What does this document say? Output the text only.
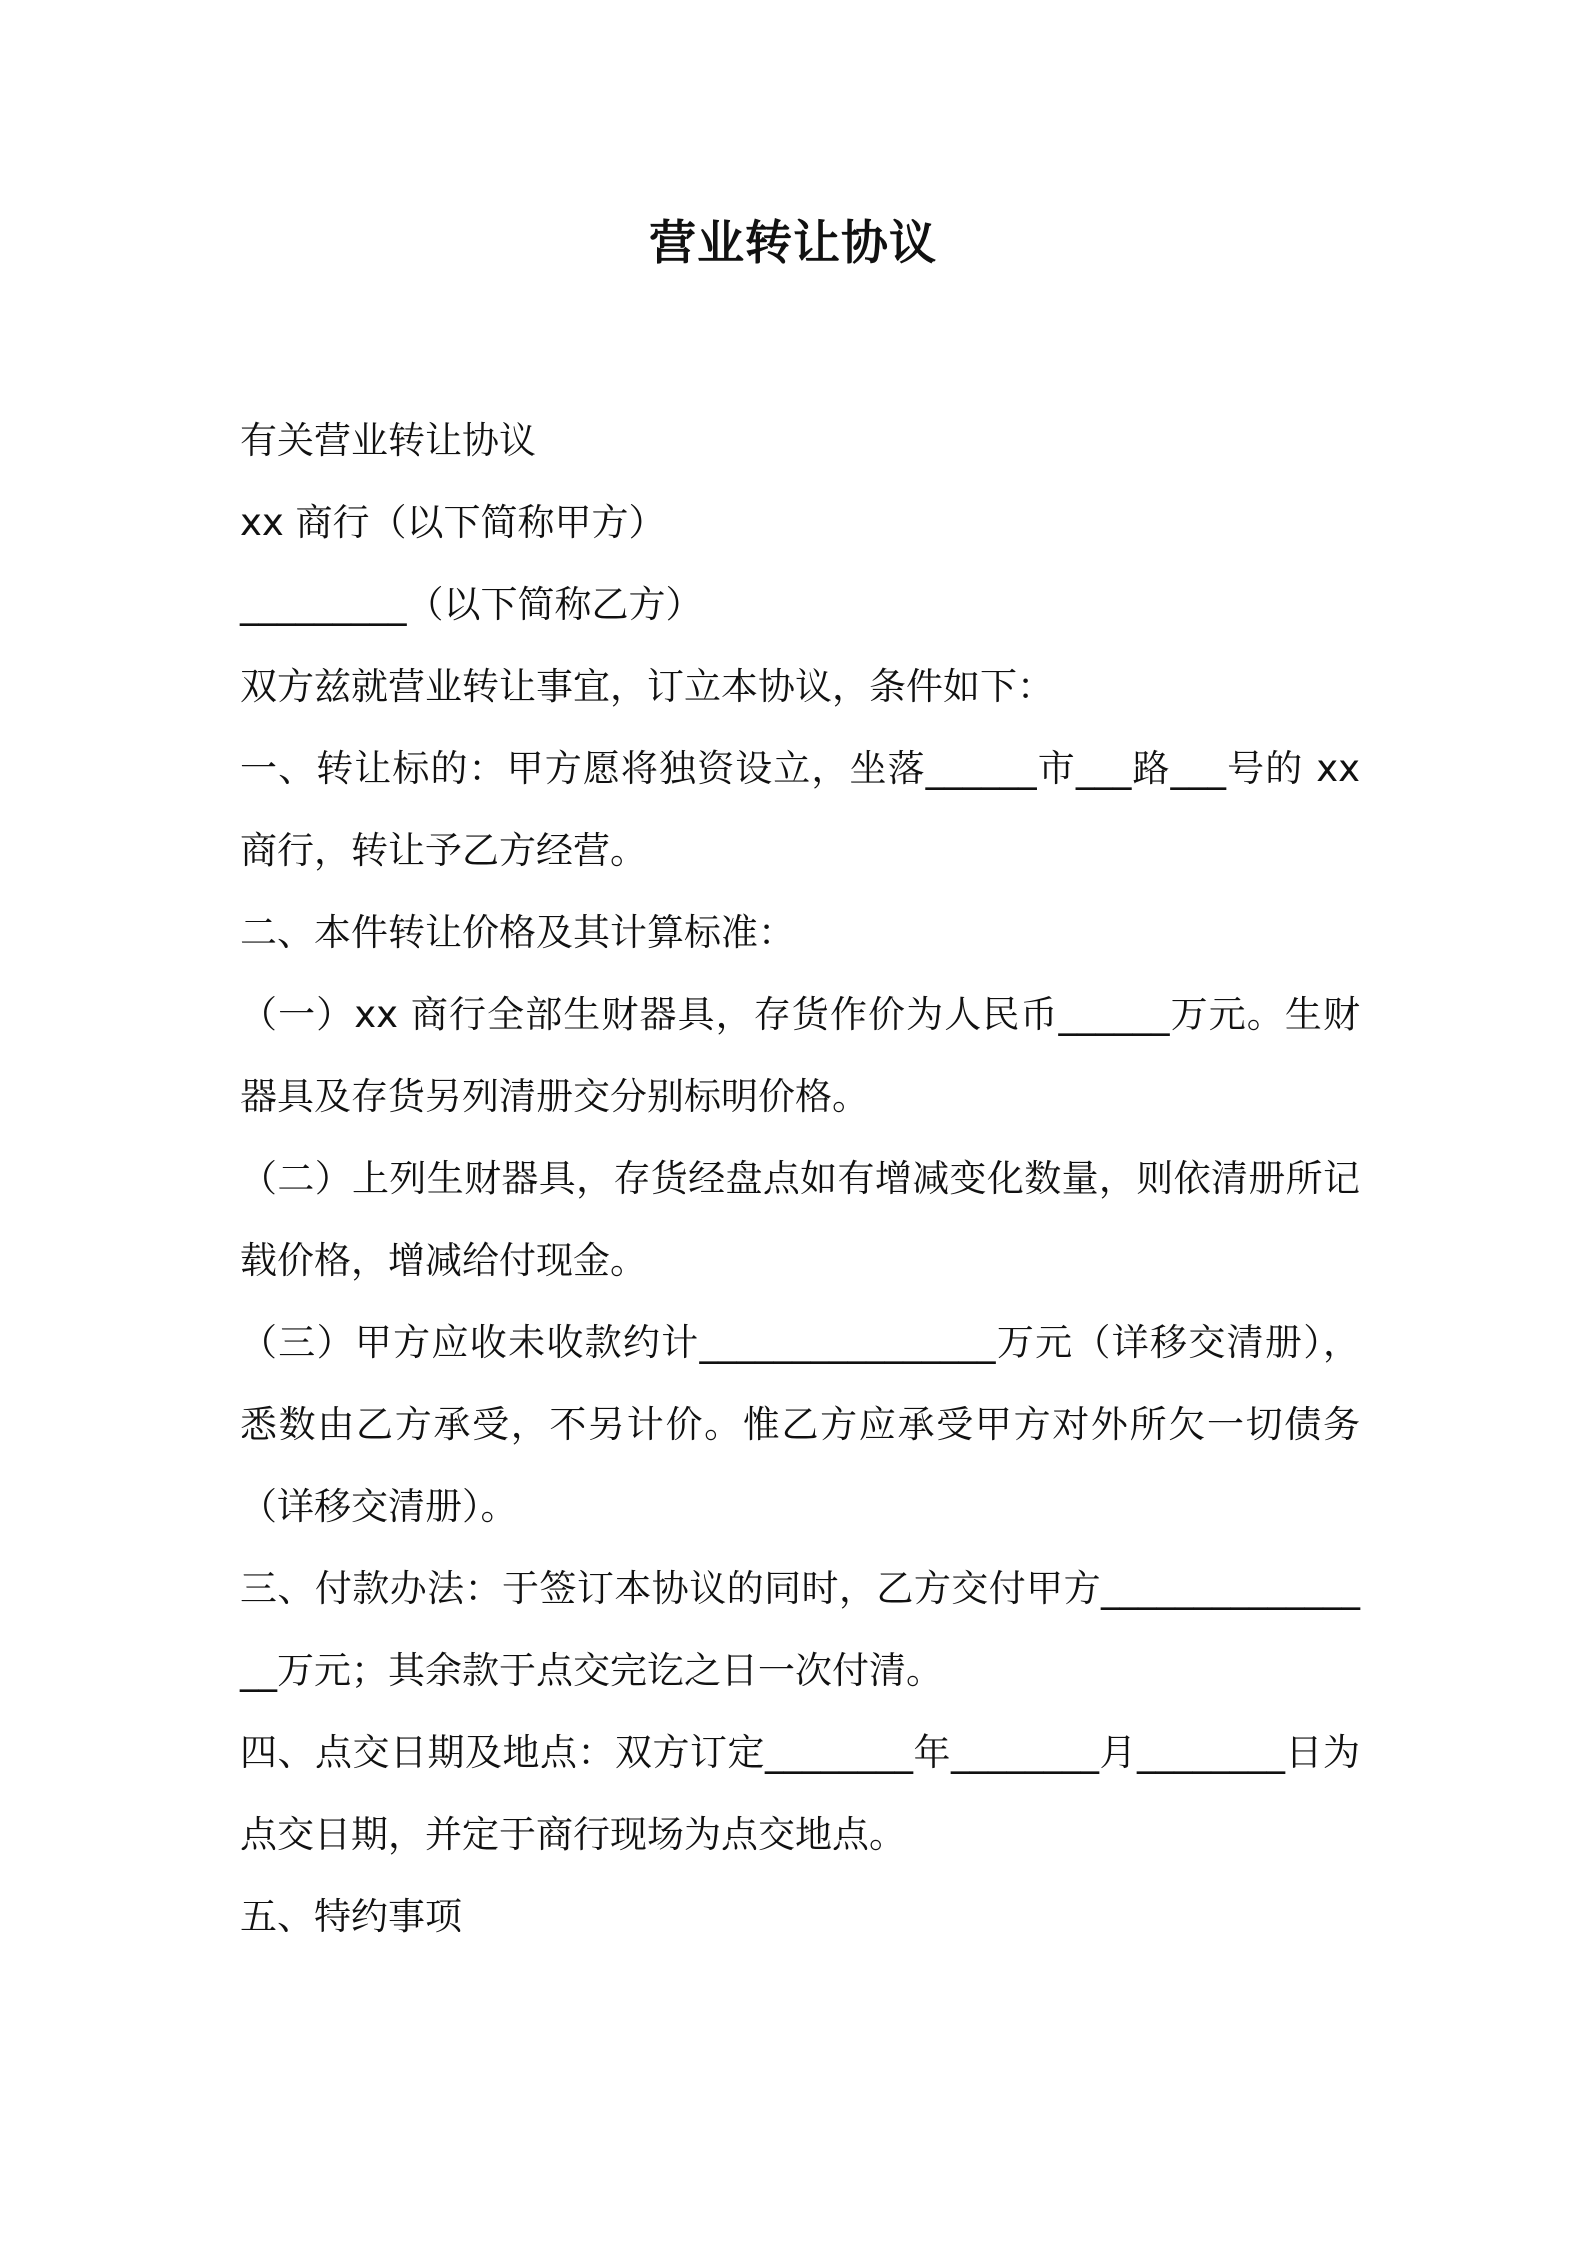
营业转让协议

有关营业转让协议

xx 商行（以下简称甲方）

_________（以下简称乙方）

双方兹就营业转让事宜，订立本协议，条件如下：

一、转让标的：甲方愿将独资设立，坐落______市___路___号的 xx 商行，转让予乙方经营。

二、本件转让价格及其计算标准：

（一）xx 商行全部生财器具，存货作价为人民币______万元。生财器具及存货另列清册交分别标明价格。

（二）上列生财器具，存货经盘点如有增减变化数量，则依清册所记载价格，增减给付现金。

（三）甲方应收未收款约计________________万元（详移交清册），悉数由乙方承受，不另计价。惟乙方应承受甲方对外所欠一切债务（详移交清册）。

三、付款办法：于签订本协议的同时，乙方交付甲方________________万元；其余款于点交完讫之日一次付清。

四、点交日期及地点：双方订定________年________月________日为点交日期，并定于商行现场为点交地点。

五、特约事项
